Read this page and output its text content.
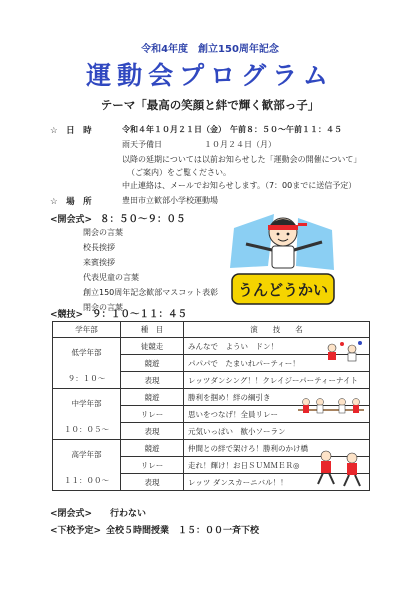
令和4年度　創立150周年記念
運動会プログラム
テーマ「最高の笑顔と絆で輝く歓部っ子」
☆　日　時	令和４年１０月２１日（金）　午前８：５０～午前１１：４５
雨天予備日	１０月２４日（月）
以降の延期については以前お知らせした「運動会の開催について」
（ご案内）をご覧ください。
中止連絡は、メールでお知らせします。（7：00までに送信予定）
☆　場　所	豊田市立歓部小学校運動場
<開会式> ８：５０～９：０５
開会の言葉
校長挨拶
来賓挨拶
代表児童の言葉
創立150周年記念歓部マスコット表彰
閉会の言葉
うんどうかい
<競技> ９：１０～１１：４５
学年部	種　目	演　　技　　名
低学年部
９：１０～	徒競走	みんなで　ようい　ドン！
	競遊	パパパで　たまいれパーティー！
	表現	レッツダンシング！！クレイジーパーティーナイト
中学年部
１０：０５～	競遊	勝利を掴め！絆の綱引き
	リレー	思いをつなげ！全員リレー
	表現	元気いっぱい　歓小ソーラン
高学年部
１１：００～	競遊	仲間との絆で架けろ！勝利のかけ橋
	リレー	走れ！輝け！お日ＳＵＭＭＥＲ◎
	表現	レッツ ダンスカーニバル！！
<閉会式> 行わない
<下校予定> 全校５時間授業　１５：００一斉下校
